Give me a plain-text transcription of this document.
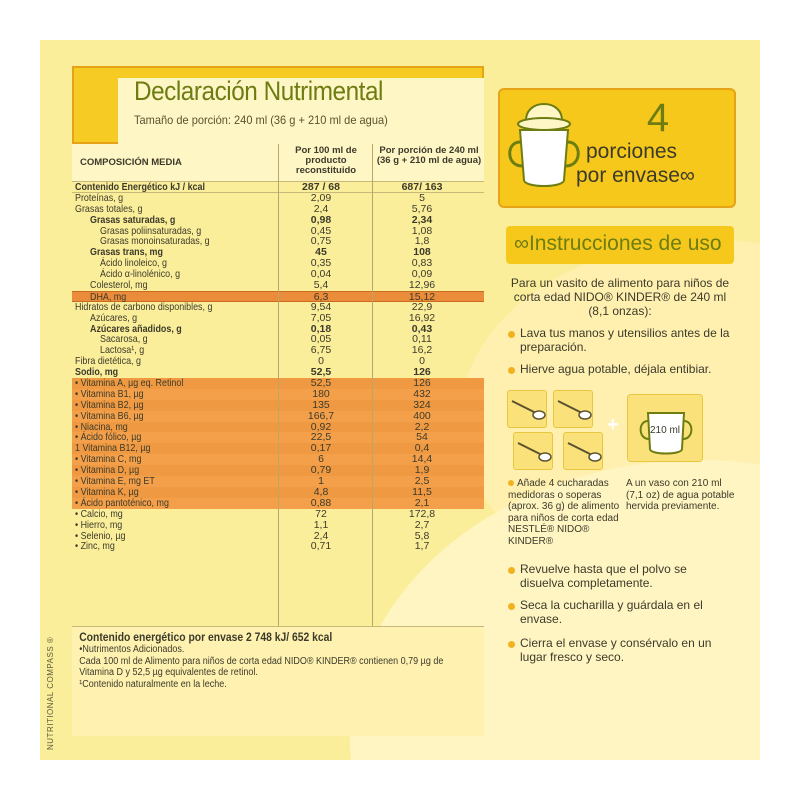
NUTRITIONAL COMPASS ®
Declaración Nutrimental
Tamaño de porción: 240 ml (36 g + 210 ml de agua)
COMPOSICIÓN MEDIA
Por 100 ml de producto reconstituido
Por porción de 240 ml (36 g + 210 ml de agua)
Contenido Energético kJ / kcal	287 / 68	687/ 163
Proteínas, g	2,09	5
Grasas totales, g	2,4	5,76
Grasas saturadas, g	0,98	2,34
Grasas poliinsaturadas, g	0,45	1,08
Grasas monoinsaturadas, g	0,75	1,8
Grasas trans, mg	45	108
Ácido linoleico, g	0,35	0,83
Ácido α-linolénico, g	0,04	0,09
Colesterol, mg	5,4	12,96
DHA, mg	6,3	15,12
Hidratos de carbono disponibles, g	9,54	22,9
Azúcares, g	7,05	16,92
Azúcares añadidos, g	0,18	0,43
Sacarosa, g	0,05	0,11
Lactosa¹, g	6,75	16,2
Fibra dietética, g	0	0
Sodio, mg	52,5	126
• Vitamina A, µg eq. Retinol	52,5	126
• Vitamina B1, µg	180	432
• Vitamina B2, µg	135	324
• Vitamina B6, µg	166,7	400
• Niacina, mg	0,92	2,2
• Ácido fólico, µg	22,5	54
1 Vitamina B12, µg	0,17	0,4
• Vitamina C, mg	6	14,4
• Vitamina D, µg	0,79	1,9
• Vitamina E, mg ET	1	2,5
• Vitamina K, µg	4,8	11,5
• Ácido pantoténico, mg	0,88	2,1
• Calcio, mg	72	172,8
• Hierro, mg	1,1	2,7
• Selenio, µg	2,4	5,8
• Zinc, mg	0,71	1,7
Contenido energético por envase 2 748 kJ/ 652 kcal
•Nutrimentos Adicionados.
Cada 100 ml de Alimento para niños de corta edad NIDO® KINDER® contienen 0,79 µg de
Vitamina D y 52,5 µg equivalentes de retinol.
¹Contenido naturalmente en la leche.
4
porciones
por envase∞
∞Instrucciones de uso
Para un vasito de alimento para niños de corta edad NIDO® KINDER® de 240 ml (8,1 onzas):
Lava tus manos y utensilios antes de la preparación.
Hierve agua potable, déjala entibiar.
+	210 ml
Añade 4 cucharadas medidoras o soperas (aprox. 36 g) de alimento para niños de corta edad NESTLÉ® NIDO® KINDER®
A un vaso con 210 ml (7,1 oz) de agua potable hervida previamente.
Revuelve hasta que el polvo se disuelva completamente.
Seca la cucharilla y guárdala en el envase.
Cierra el envase y consérvalo en un lugar fresco y seco.
